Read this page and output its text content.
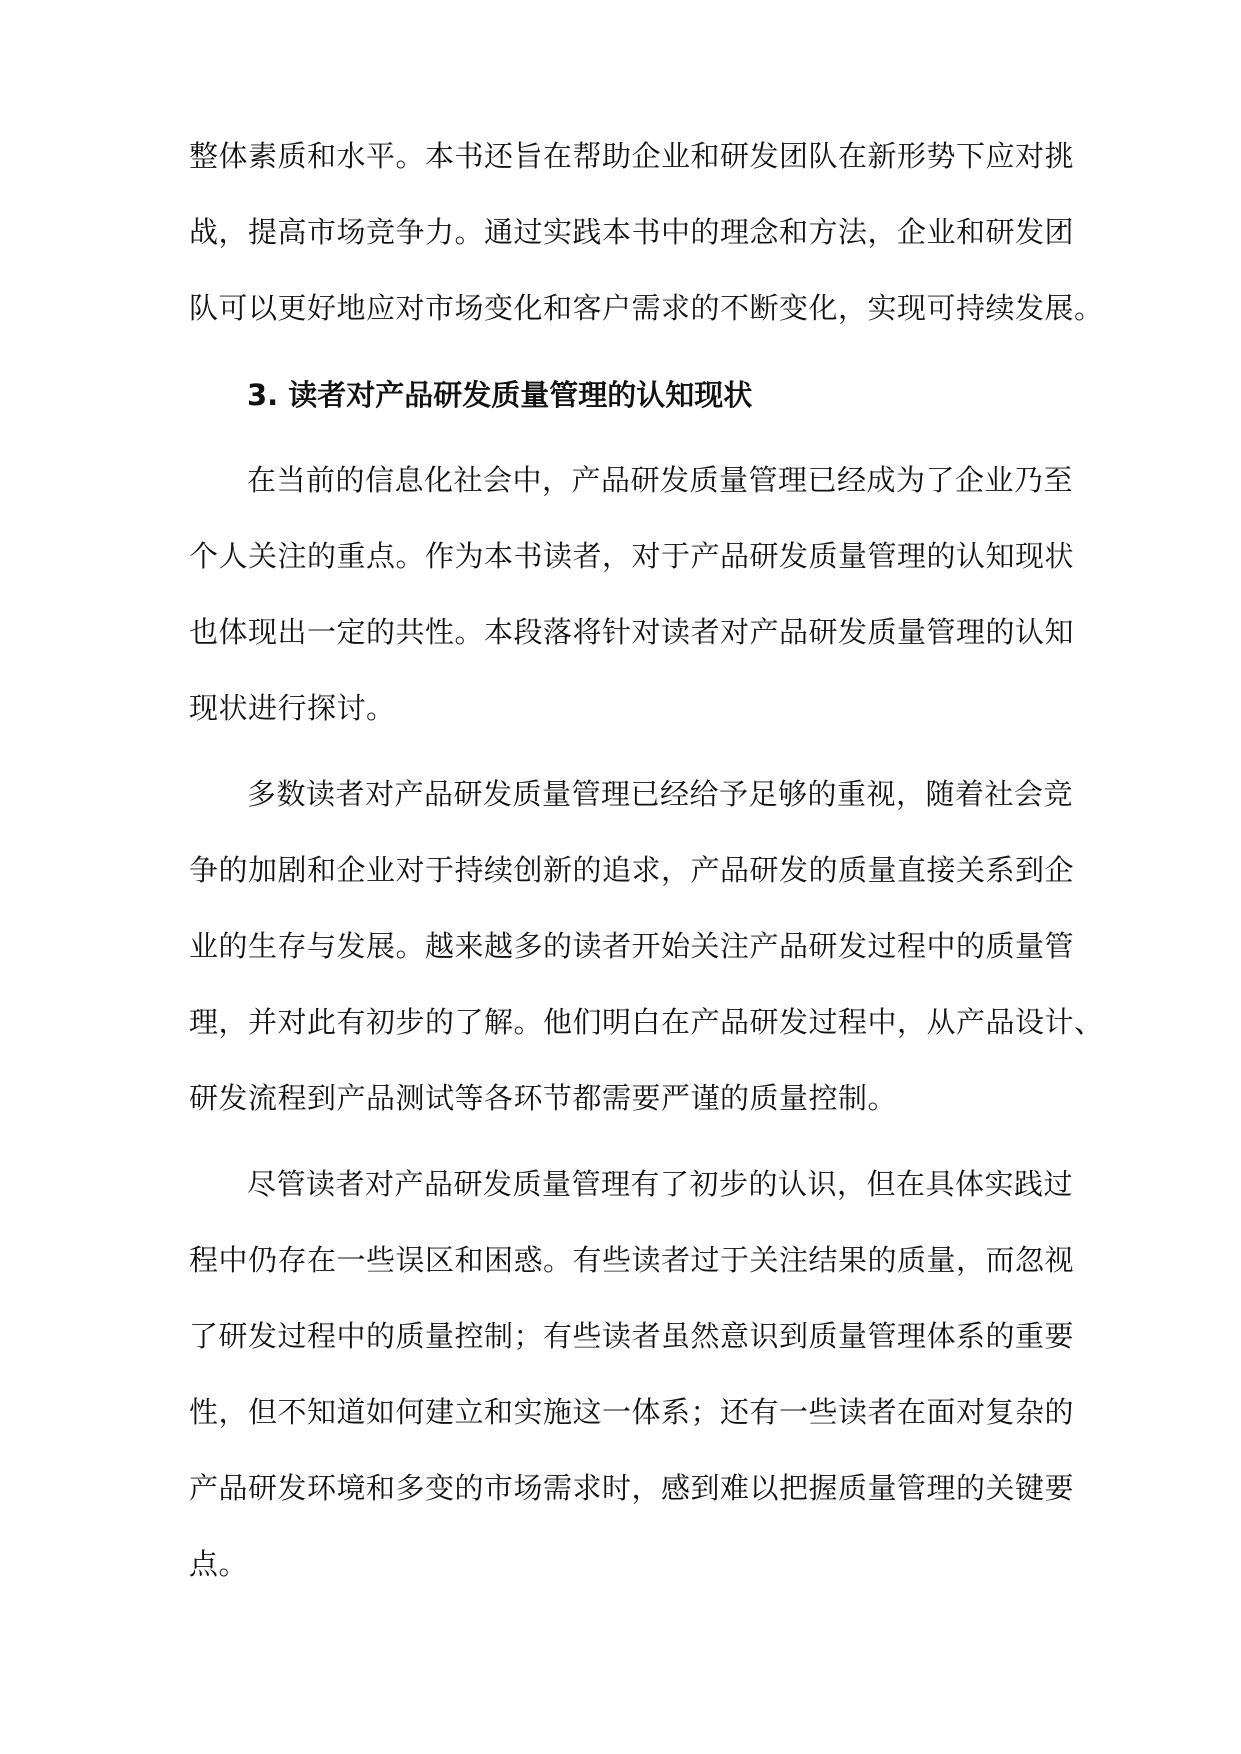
整体素质和水平。本书还旨在帮助企业和研发团队在新形势下应对挑
战，提高市场竞争力。通过实践本书中的理念和方法，企业和研发团
队可以更好地应对市场变化和客户需求的不断变化，实现可持续发展。
3. 读者对产品研发质量管理的认知现状
在当前的信息化社会中，产品研发质量管理已经成为了企业乃至
个人关注的重点。作为本书读者，对于产品研发质量管理的认知现状
也体现出一定的共性。本段落将针对读者对产品研发质量管理的认知
现状进行探讨。
多数读者对产品研发质量管理已经给予足够的重视，随着社会竞
争的加剧和企业对于持续创新的追求，产品研发的质量直接关系到企
业的生存与发展。越来越多的读者开始关注产品研发过程中的质量管
理，并对此有初步的了解。他们明白在产品研发过程中，从产品设计、
研发流程到产品测试等各环节都需要严谨的质量控制。
尽管读者对产品研发质量管理有了初步的认识，但在具体实践过
程中仍存在一些误区和困惑。有些读者过于关注结果的质量，而忽视
了研发过程中的质量控制；有些读者虽然意识到质量管理体系的重要
性，但不知道如何建立和实施这一体系；还有一些读者在面对复杂的
产品研发环境和多变的市场需求时，感到难以把握质量管理的关键要
点。
